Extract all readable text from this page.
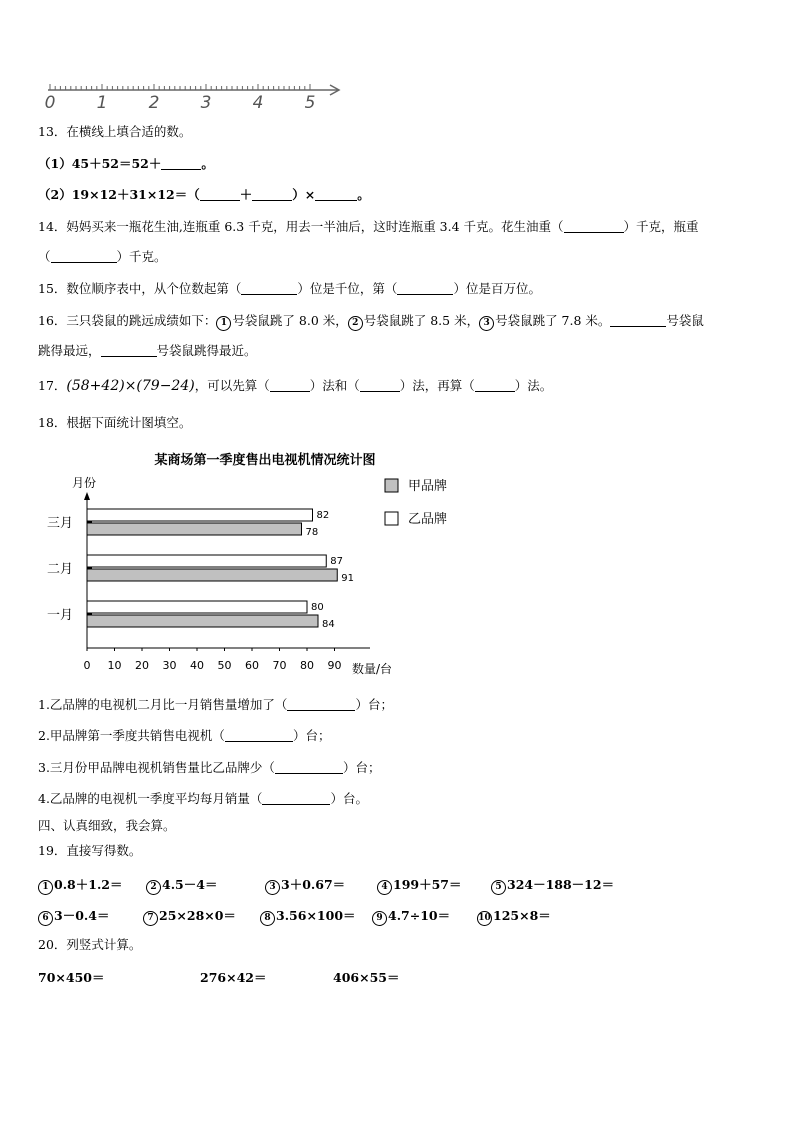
0 1 2 3 4 5
13．在横线上填合适的数。
（1）45＋52＝52＋	。
（2）19×12＋31×12＝（	＋	）×	。
14．妈妈买来一瓶花生油,连瓶重 6.3 千克，用去一半油后，这时连瓶重 3.4 千克。花生油重（	）千克，瓶重
（	）千克。
15．数位顺序表中，从个位数起第（	）位是千位，第（	）位是百万位。
16．三只袋鼠的跳远成绩如下： 1 号袋鼠跳了 8.0 米， 2 号袋鼠跳了 8.5 米， 3 号袋鼠跳了 7.8 米。	号袋鼠
跳得最远，	号袋鼠跳得最近。
17．(58+42)×(79−24)，可以先算（	）法和（	）法，再算（	）法。
18．根据下面统计图填空。
某商场第一季度售出电视机情况统计图
月份
数量/台
0 10 20 30 40 50 60 70 80 90
一月
二月
三月
80
84
87
91
82
78
甲品牌
乙品牌
1.乙品牌的电视机二月比一月销售量增加了（	）台；
2.甲品牌第一季度共销售电视机（	）台；
3.三月份甲品牌电视机销售量比乙品牌少（	）台；
4.乙品牌的电视机一季度平均每月销量（	）台。
四、认真细致，我会算。
19．直接写得数。
1 0.8＋1.2＝	2 4.5－4＝	3 3＋0.67＝	4 199＋57＝	5 324－188－12＝
6 3－0.4＝	7 25×28×0＝	8 3.56×100＝	9 4.7÷10＝	10 125×8＝
20．列竖式计算。
70×450＝	276×42＝	406×55＝
